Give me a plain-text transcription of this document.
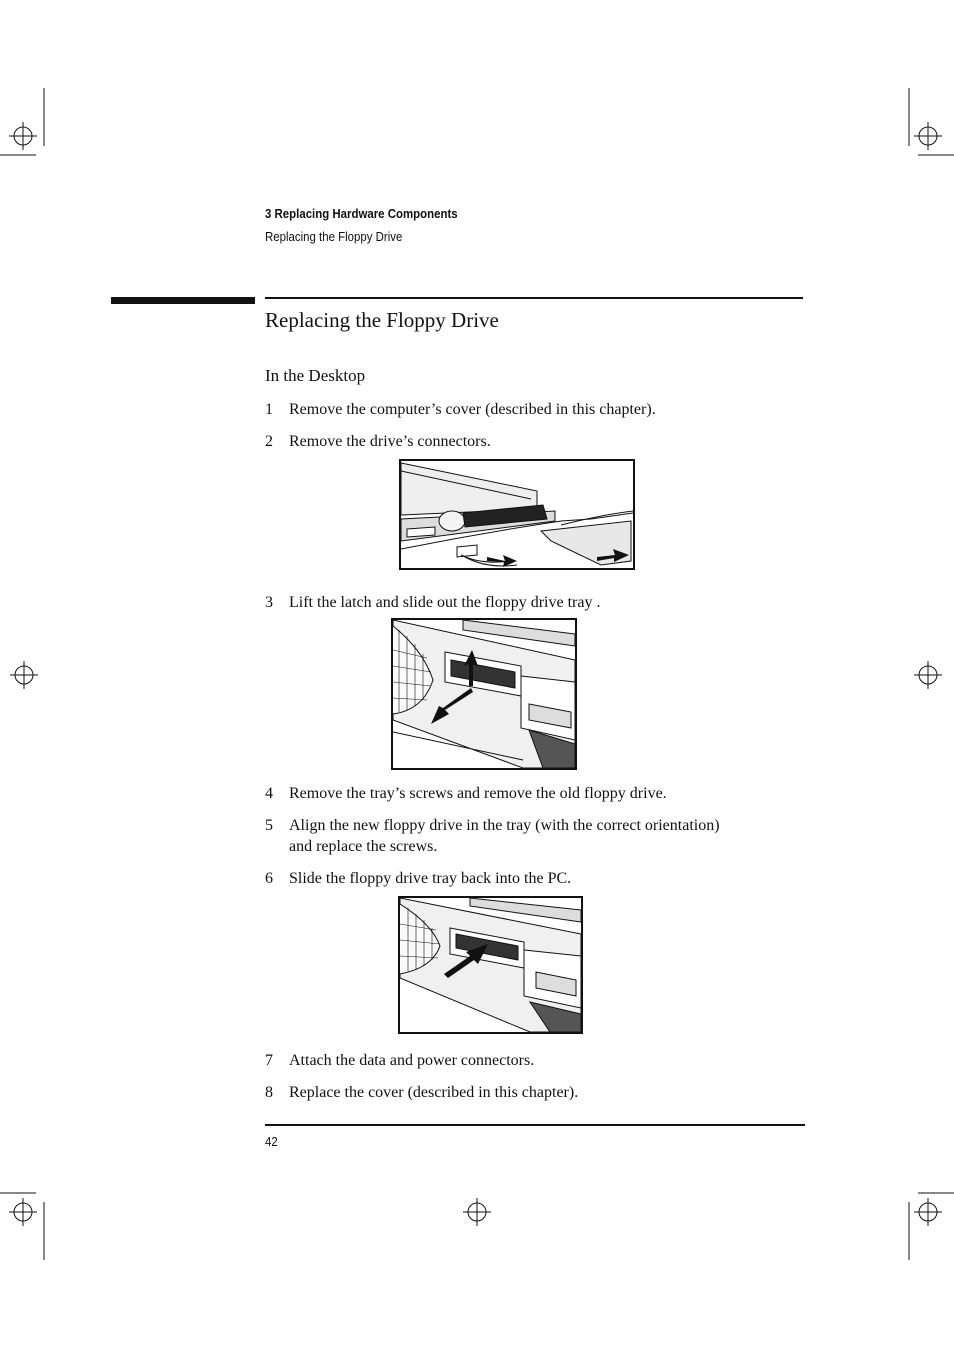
3 Replacing Hardware Components
Replacing the Floppy Drive
Replacing the Floppy Drive
In the Desktop
1 Remove the computer’s cover (described in this chapter).
2 Remove the drive’s connectors.
3 Lift the latch and slide out the floppy drive tray .
4 Remove the tray’s screws and remove the old floppy drive.
5 Align the new floppy drive in the tray (with the correct orientation)
and replace the screws.
6 Slide the floppy drive tray back into the PC.
7 Attach the data and power connectors.
8 Replace the cover (described in this chapter).
42
